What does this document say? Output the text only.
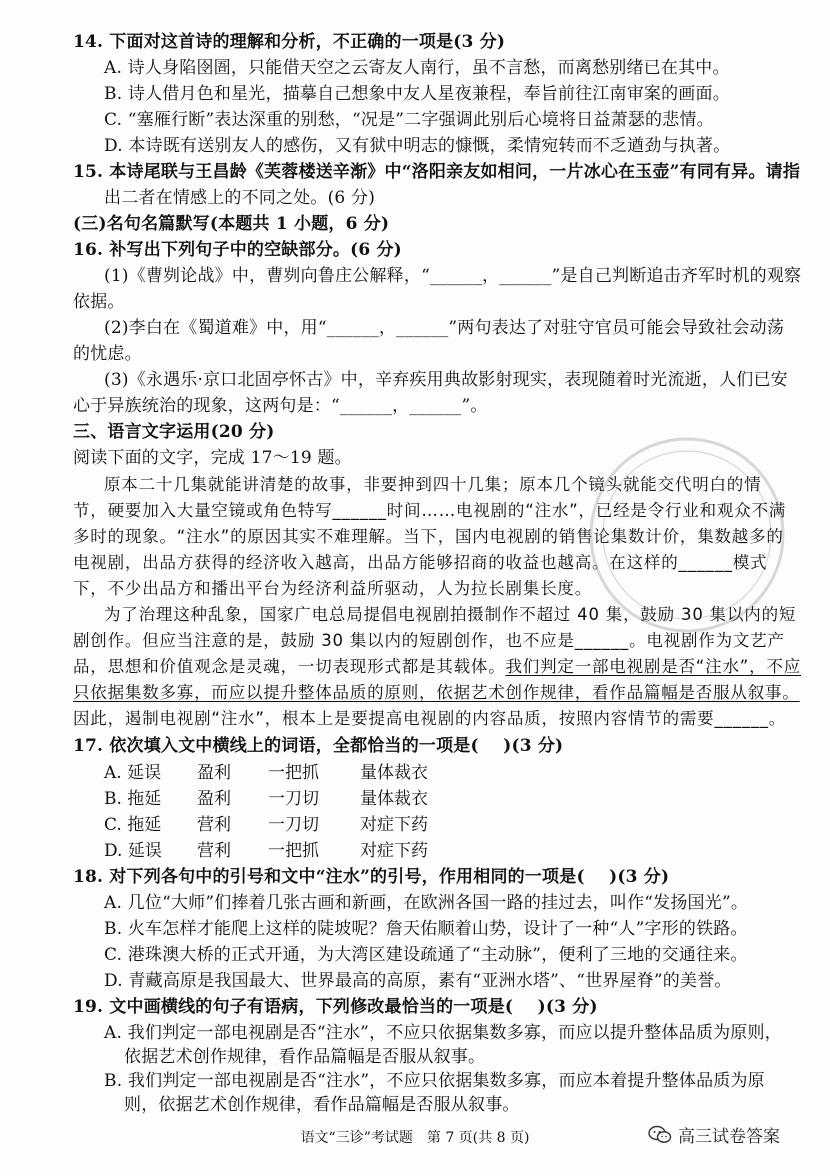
14. 下面对这首诗的理解和分析，不正确的一项是(3 分)
A. 诗人身陷囹圄，只能借天空之云寄友人南行，虽不言愁，而离愁别绪已在其中。
B. 诗人借月色和星光，描摹自己想象中友人星夜兼程，奉旨前往江南审案的画面。
C. “塞雁行断”表达深重的别愁，“况是”二字强调此别后心境将日益萧瑟的悲情。
D. 本诗既有送别友人的感伤，又有狱中明志的慷慨，柔情宛转而不乏遒劲与执著。
15. 本诗尾联与王昌龄《芙蓉楼送辛渐》中“洛阳亲友如相问，一片冰心在玉壶”有同有异。请指
出二者在情感上的不同之处。(6 分)
(三)名句名篇默写(本题共 1 小题，6 分)
16. 补写出下列句子中的空缺部分。(6 分)
(1)《曹刿论战》中，曹刿向鲁庄公解释，“______，______”是自己判断追击齐军时机的观察
依据。
(2)李白在《蜀道难》中，用“______，______”两句表达了对驻守官员可能会导致社会动荡
的忧虑。
(3)《永遇乐·京口北固亭怀古》中，辛弃疾用典故影射现实，表现随着时光流逝，人们已安
心于异族统治的现象，这两句是：“______，______”。
三、语言文字运用(20 分)
阅读下面的文字，完成 17～19 题。
原本二十几集就能讲清楚的故事，非要抻到四十几集；原本几个镜头就能交代明白的情
节，硬要加入大量空镜或角色特写______时间……电视剧的“注水”，已经是令行业和观众不满
多时的现象。“注水”的原因其实不难理解。当下，国内电视剧的销售论集数计价，集数越多的
电视剧，出品方获得的经济收入越高，出品方能够招商的收益也越高。在这样的______模式
下，不少出品方和播出平台为经济利益所驱动，人为拉长剧集长度。
为了治理这种乱象，国家广电总局提倡电视剧拍摄制作不超过 40 集，鼓励 30 集以内的短
剧创作。但应当注意的是，鼓励 30 集以内的短剧创作，也不应是______。电视剧作为文艺产
品，思想和价值观念是灵魂，一切表现形式都是其载体。我们判定一部电视剧是否“注水”，不应
只依据集数多寡，而应以提升整体品质的原则，依据艺术创作规律，看作品篇幅是否服从叙事。
因此，遏制电视剧“注水”，根本上是要提高电视剧的内容品质，按照内容情节的需要______。
17. 依次填入文中横线上的词语，全都恰当的一项是(    )(3 分)
A. 延误 盈利 一把抓 量体裁衣
B. 拖延 盈利 一刀切 量体裁衣
C. 拖延 营利 一刀切 对症下药
D. 延误 营利 一把抓 对症下药
18. 对下列各句中的引号和文中“注水”的引号，作用相同的一项是(    )(3 分)
A. 几位“大师”们捧着几张古画和新画，在欧洲各国一路的挂过去，叫作“发扬国光”。
B. 火车怎样才能爬上这样的陡坡呢？詹天佑顺着山势，设计了一种“人”字形的铁路。
C. 港珠澳大桥的正式开通，为大湾区建设疏通了“主动脉”，便利了三地的交通往来。
D. 青藏高原是我国最大、世界最高的高原，素有“亚洲水塔”、“世界屋脊”的美誉。
19. 文中画横线的句子有语病，下列修改最恰当的一项是(    )(3 分)
A. 我们判定一部电视剧是否“注水”，不应只依据集数多寡，而应以提升整体品质为原则，
依据艺术创作规律，看作品篇幅是否服从叙事。
B. 我们判定一部电视剧是否“注水”，不应只依据集数多寡，而应本着提升整体品质为原
则，依据艺术创作规律，看作品篇幅是否服从叙事。
语文“三诊”考试题　第 7 页(共 8 页)	高三试卷答案
